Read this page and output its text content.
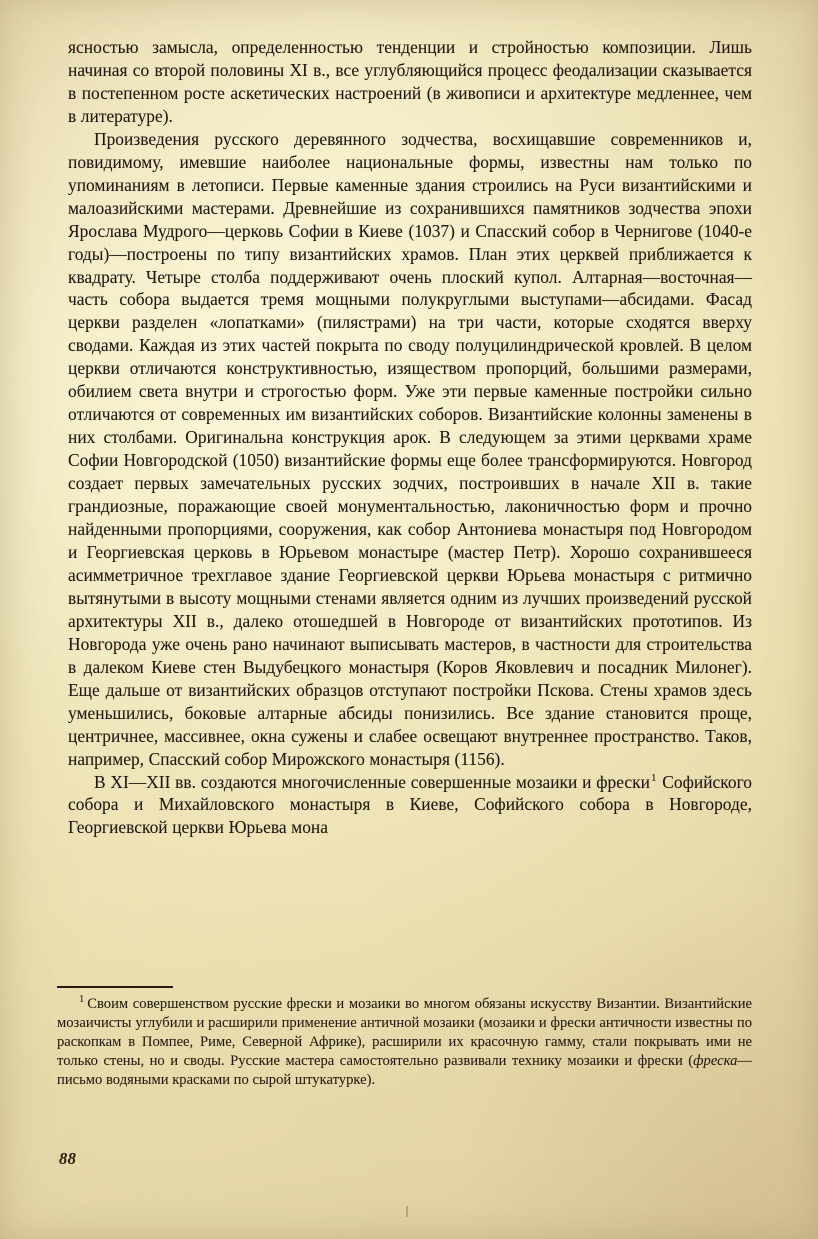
ясностью замысла, определенностью тенденции и стройностью композиции. Лишь начиная со второй половины XI в., все углубляющийся процесс феодализации сказывается в постепенном росте аскетических настроений (в живописи и архитектуре медленнее, чем в литературе).

Произведения русского деревянного зодчества, восхищавшие современников и, повидимому, имевшие наиболее национальные формы, известны нам только по упоминаниям в летописи. Первые каменные здания строились на Руси византийскими и малоазийскими мастерами. Древнейшие из сохранившихся памятников зодчества эпохи Ярослава Мудрого—церковь Софии в Киеве (1037) и Спасский собор в Чернигове (1040-е годы)—построены по типу византийских храмов. План этих церквей приближается к квадрату. Четыре столба поддерживают очень плоский купол. Алтарная—восточная—часть собора выдается тремя мощными полукруглыми выступами—абсидами. Фасад церкви разделен «лопатками» (пилястрами) на три части, которые сходятся вверху сводами. Каждая из этих частей покрыта по своду полуцилиндрической кровлей. В целом церкви отличаются конструктивностью, изяществом пропорций, большими размерами, обилием света внутри и строгостью форм. Уже эти первые каменные постройки сильно отличаются от современных им византийских соборов. Византийские колонны заменены в них столбами. Оригинальна конструкция арок. В следующем за этими церквами храме Софии Новгородской (1050) византийские формы еще более трансформируются. Новгород создает первых замечательных русских зодчих, построивших в начале XII в. такие грандиозные, поражающие своей монументальностью, лаконичностью форм и прочно найденными пропорциями, сооружения, как собор Антониева монастыря под Новгородом и Георгиевская церковь в Юрьевом монастыре (мастер Петр). Хорошо сохранившееся асимметричное трехглавое здание Георгиевской церкви Юрьева монастыря с ритмично вытянутыми в высоту мощными стенами является одним из лучших произведений русской архитектуры XII в., далеко отошедшей в Новгороде от византийских прототипов. Из Новгорода уже очень рано начинают выписывать мастеров, в частности для строительства в далеком Киеве стен Выдубецкого монастыря (Коров Яковлевич и посадник Милонег). Еще дальше от византийских образцов отступают постройки Пскова. Стены храмов здесь уменьшились, боковые алтарные абсиды понизились. Все здание становится проще, центричнее, массивнее, окна сужены и слабее освещают внутреннее пространство. Таков, например, Спасский собор Мирожского монастыря (1156).

В XI—XII вв. создаются многочисленные совершенные мозаики и фрески$^1$ Софийского собора и Михайловского монастыря в Киеве, Софийского собора в Новгороде, Георгиевской церкви Юрьева мона

$^1$ Своим совершенством русские фрески и мозаики во многом обязаны искусству Византии. Византийские мозаичисты углубили и расширили применение античной мозаики (мозаики и фрески античности известны по раскопкам в Помпее, Риме, Северной Африке), расширили их красочную гамму, стали покрывать ими не только стены, но и своды. Русские мастера самостоятельно развивали технику мозаики и фрески (фреска—письмо водяными красками по сырой штукатурке).

88
